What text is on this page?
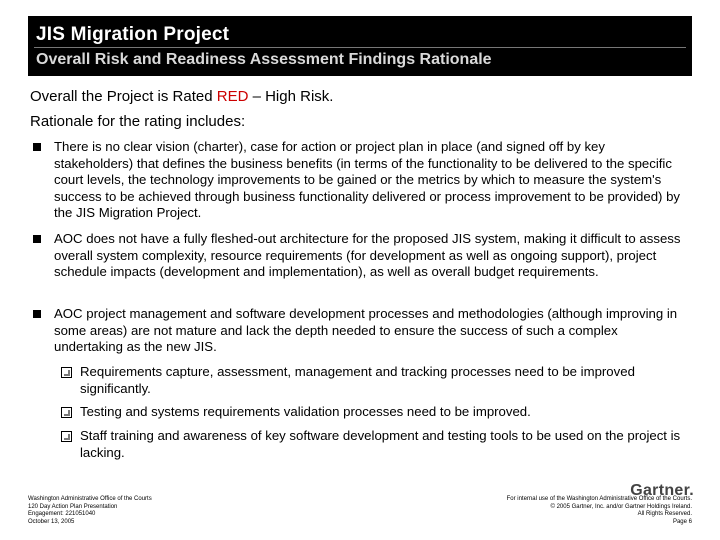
JIS Migration Project
Overall Risk and Readiness Assessment Findings Rationale
Overall the Project is Rated RED – High Risk.
Rationale for the rating includes:
There is no clear vision (charter), case for action or project plan in place (and signed off by key stakeholders) that defines the business benefits (in terms of the functionality to be delivered to the specific court levels, the technology improvements to be gained or the metrics by which to measure the system's success to be achieved through business functionality delivered or process improvement to be provided) by the JIS Migration Project.
AOC does not have a fully fleshed-out architecture for the proposed JIS system, making it difficult to assess overall system complexity, resource requirements (for development as well as ongoing support), project schedule impacts (development and implementation), as well as overall budget requirements.
AOC project management and software development processes and methodologies (although improving in some areas) are not mature and lack the depth needed to ensure the success of such a complex undertaking as the new JIS.
Requirements capture, assessment, management and tracking processes need to be improved significantly.
Testing and systems requirements validation processes need to be improved.
Staff training and awareness of key software development and testing tools to be used on the project is lacking.
Washington Administrative Office of the Courts
120 Day Action Plan Presentation
Engagement: 221051040
October 13, 2005
Gartner.
For internal use of the Washington Administrative Office of the Courts.
© 2005 Gartner, Inc. and/or Gartner Holdings Ireland.
All Rights Reserved.
Page 6
